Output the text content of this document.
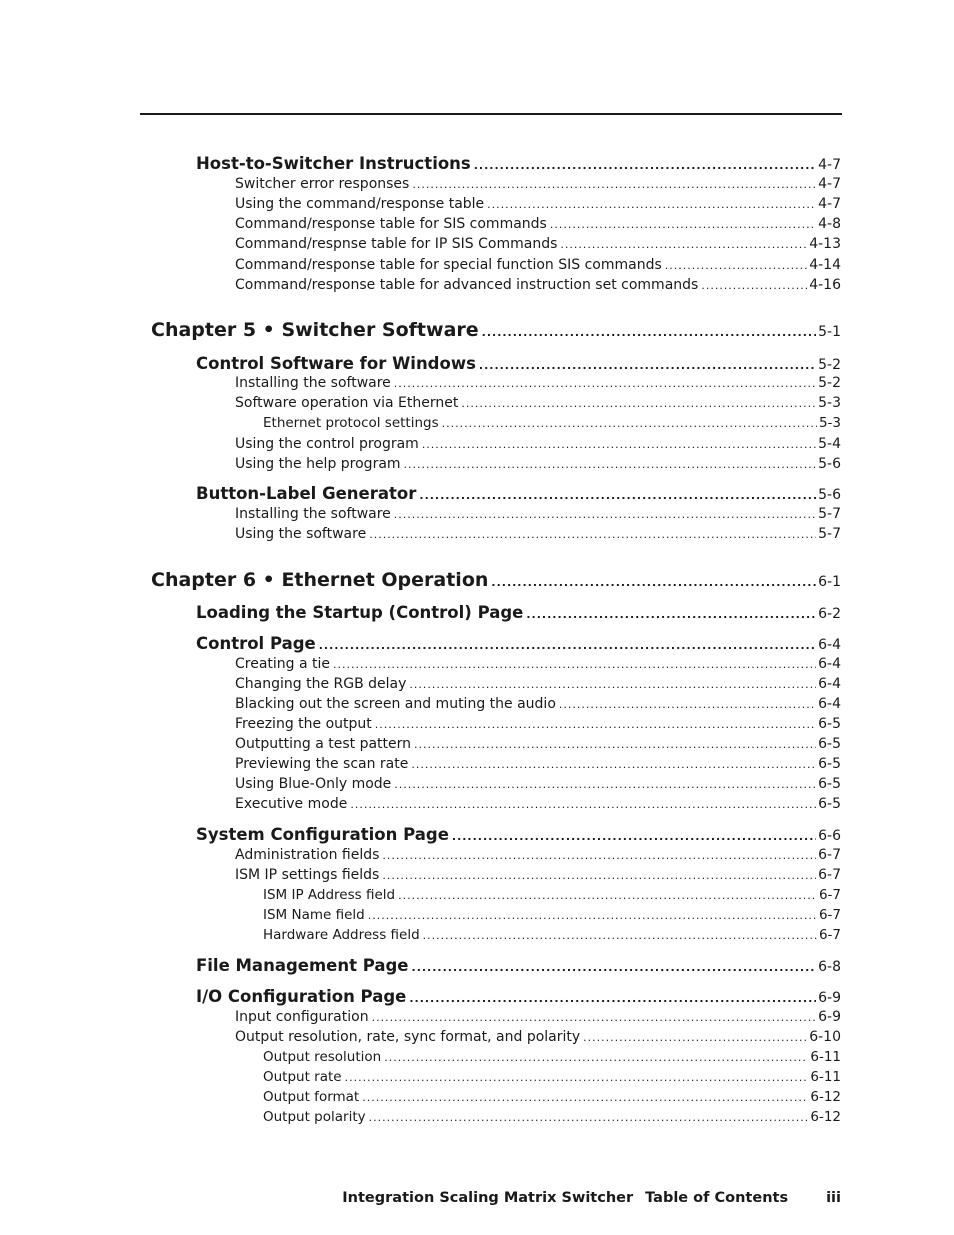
Host-to-Switcher Instructions .....	4-7
Switcher error responses .....	4-7
Using the command/response table .....	4-7
Command/response table for SIS commands .....	4-8
Command/respnse table for IP SIS Commands .....	4-13
Command/response table for special function SIS commands .....	4-14
Command/response table for advanced instruction set commands .....	4-16
Chapter 5 • Switcher Software .....	5-1
Control Software for Windows .....	5-2
Installing the software .....	5-2
Software operation via Ethernet .....	5-3
Ethernet protocol settings .....	5-3
Using the control program .....	5-4
Using the help program .....	5-6
Button-Label Generator .....	5-6
Installing the software .....	5-7
Using the software .....	5-7
Chapter 6 • Ethernet Operation .....	6-1
Loading the Startup (Control) Page .....	6-2
Control Page .....	6-4
Creating a tie .....	6-4
Changing the RGB delay .....	6-4
Blacking out the screen and muting the audio .....	6-4
Freezing the output .....	6-5
Outputting a test pattern .....	6-5
Previewing the scan rate .....	6-5
Using Blue-Only mode .....	6-5
Executive mode .....	6-5
System Configuration Page .....	6-6
Administration fields .....	6-7
ISM IP settings fields .....	6-7
ISM IP Address field .....	6-7
ISM Name field .....	6-7
Hardware Address field .....	6-7
File Management Page .....	6-8
I/O Configuration Page .....	6-9
Input configuration .....	6-9
Output resolution, rate, sync format, and polarity .....	6-10
Output resolution .....	6-11
Output rate .....	6-11
Output format .....	6-12
Output polarity .....	6-12
Integration Scaling Matrix Switcher Table of Contents	iii
